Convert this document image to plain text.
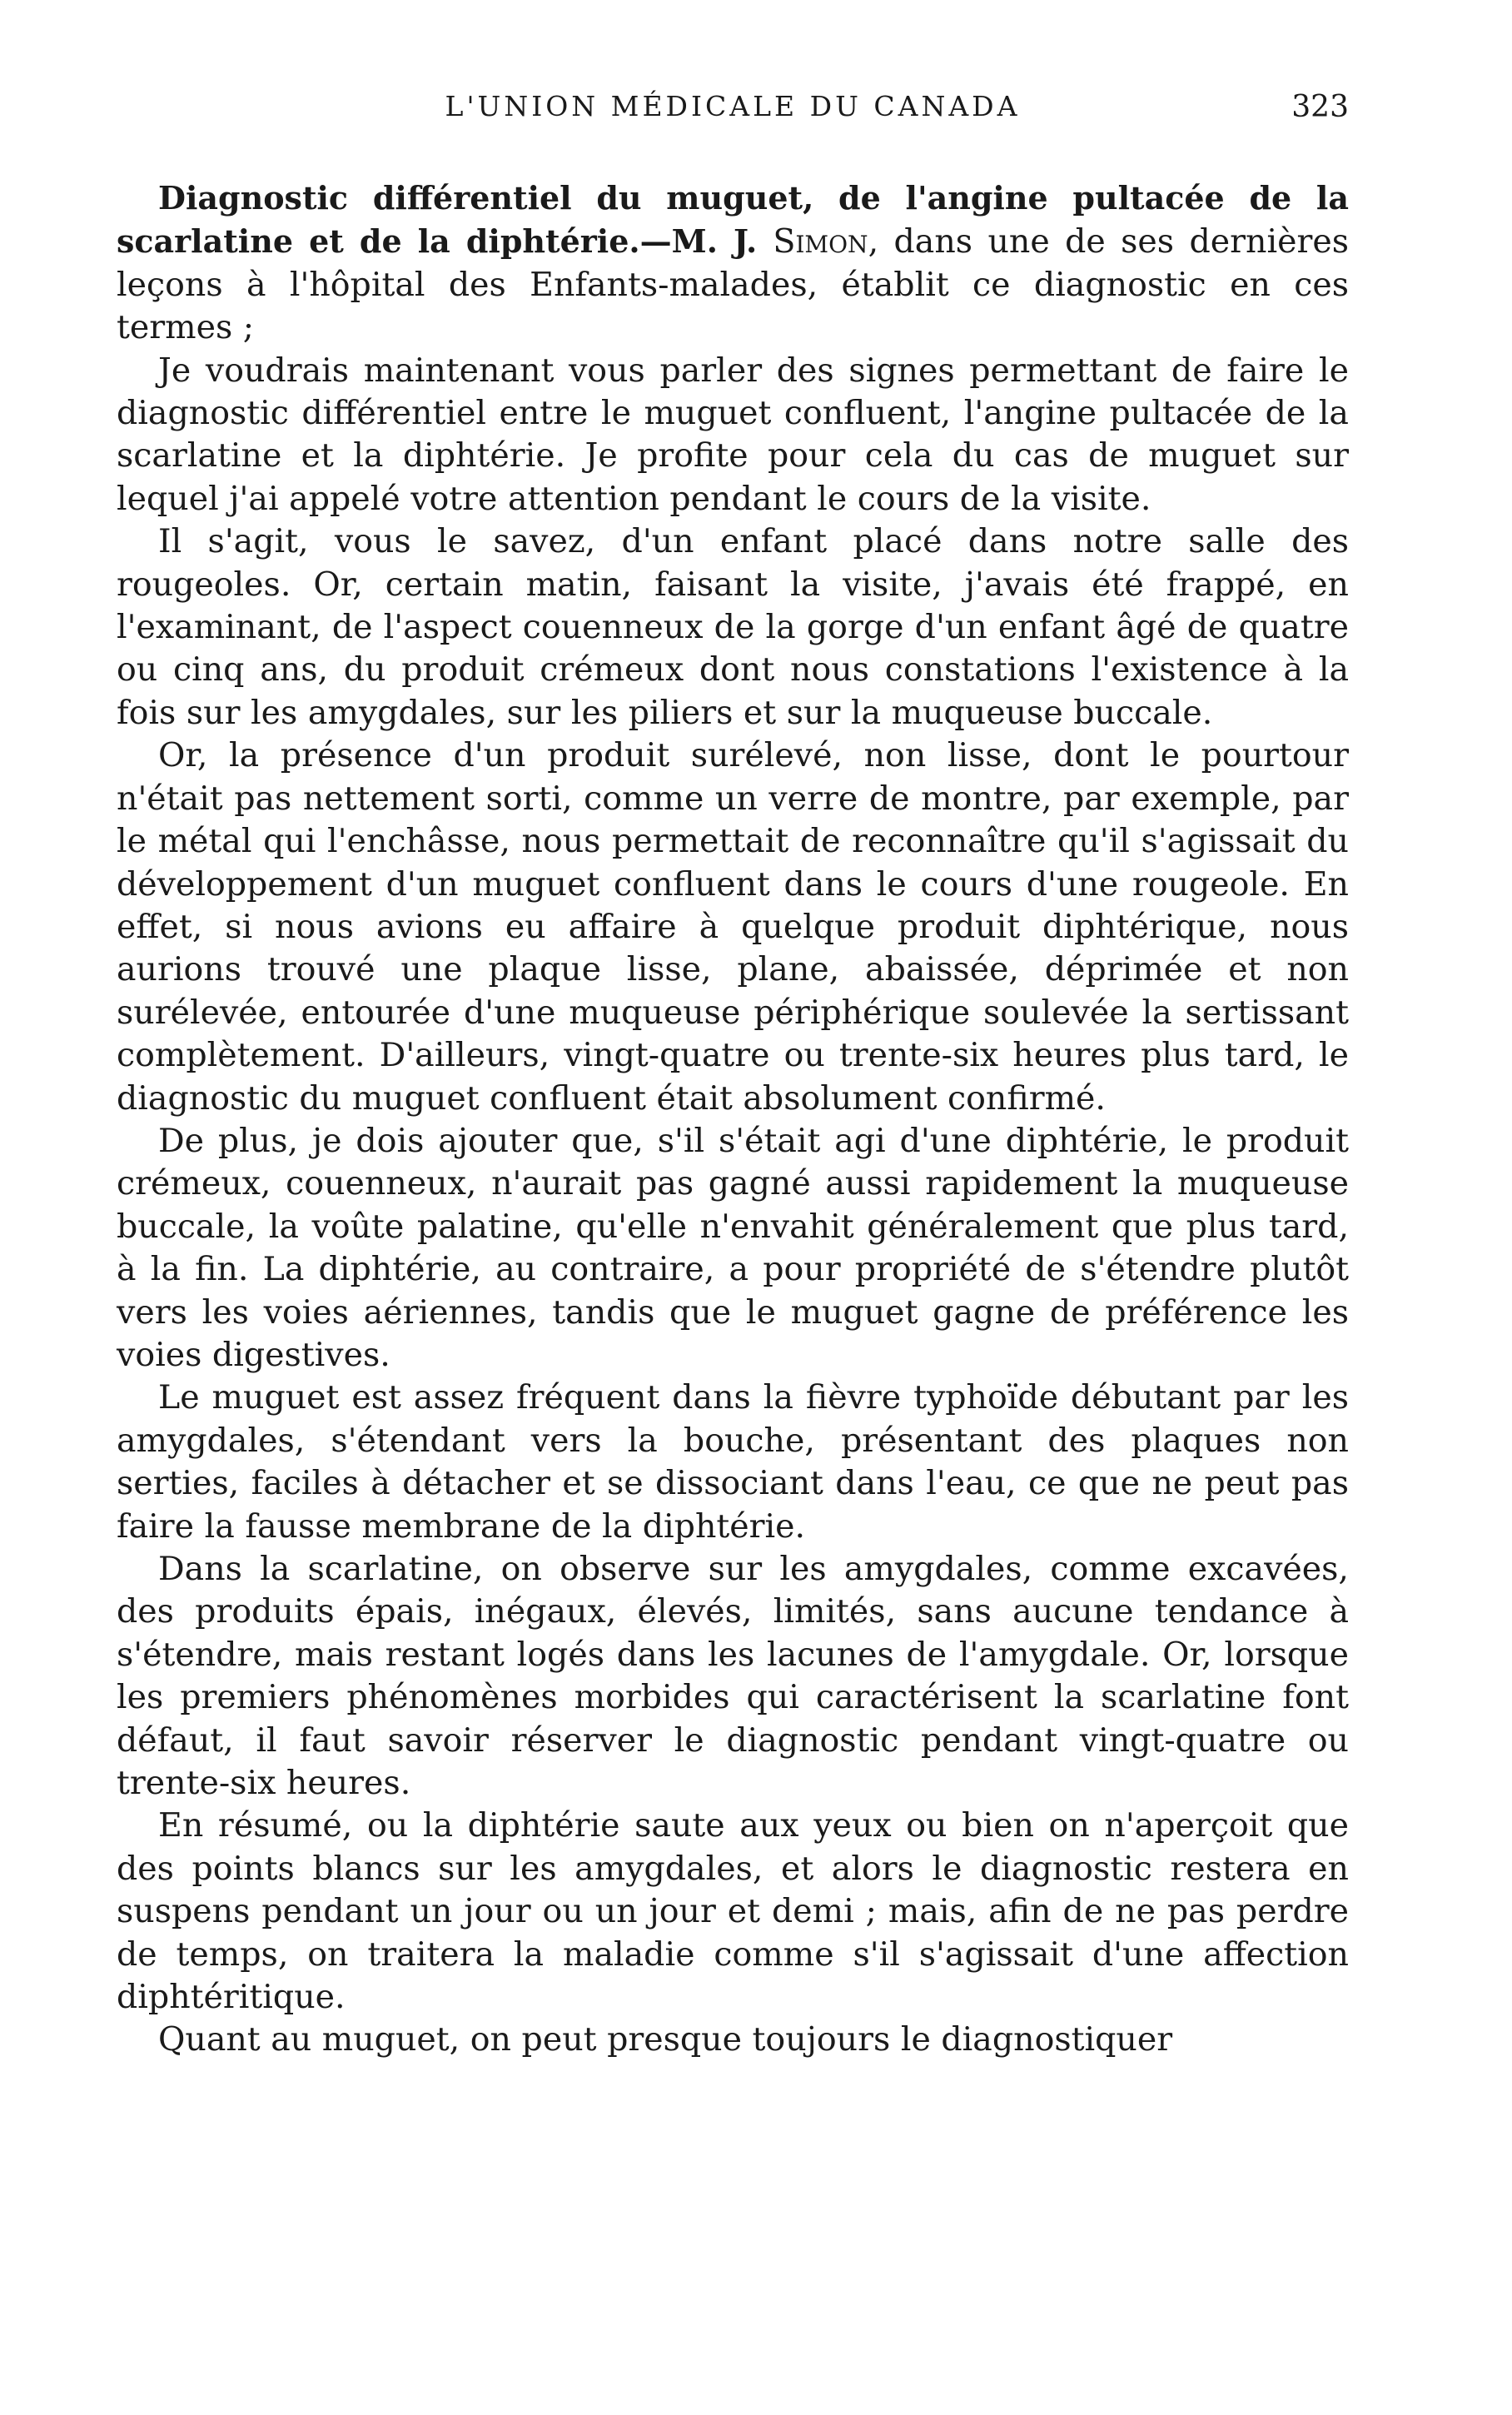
L'UNION MÉDICALE DU CANADA	323

Diagnostic différentiel du muguet, de l'angine pultacée de la scarlatine et de la diphtérie.—M. J. Simon, dans une de ses dernières leçons à l'hôpital des Enfants-malades, établit ce diagnostic en ces termes ;

Je voudrais maintenant vous parler des signes permettant de faire le diagnostic différentiel entre le muguet confluent, l'angine pultacée de la scarlatine et la diphtérie. Je profite pour cela du cas de muguet sur lequel j'ai appelé votre attention pendant le cours de la visite.

Il s'agit, vous le savez, d'un enfant placé dans notre salle des rougeoles. Or, certain matin, faisant la visite, j'avais été frappé, en l'examinant, de l'aspect couenneux de la gorge d'un enfant âgé de quatre ou cinq ans, du produit crémeux dont nous constations l'existence à la fois sur les amygdales, sur les piliers et sur la muqueuse buccale.

Or, la présence d'un produit surélevé, non lisse, dont le pourtour n'était pas nettement sorti, comme un verre de montre, par exemple, par le métal qui l'enchâsse, nous permettait de reconnaître qu'il s'agissait du développement d'un muguet confluent dans le cours d'une rougeole. En effet, si nous avions eu affaire à quelque produit diphtérique, nous aurions trouvé une plaque lisse, plane, abaissée, déprimée et non surélevée, entourée d'une muqueuse périphérique soulevée la sertissant complètement. D'ailleurs, vingt-quatre ou trente-six heures plus tard, le diagnostic du muguet confluent était absolument confirmé.

De plus, je dois ajouter que, s'il s'était agi d'une diphtérie, le produit crémeux, couenneux, n'aurait pas gagné aussi rapidement la muqueuse buccale, la voûte palatine, qu'elle n'envahit généralement que plus tard, à la fin. La diphtérie, au contraire, a pour propriété de s'étendre plutôt vers les voies aériennes, tandis que le muguet gagne de préférence les voies digestives.

Le muguet est assez fréquent dans la fièvre typhoïde débutant par les amygdales, s'étendant vers la bouche, présentant des plaques non serties, faciles à détacher et se dissociant dans l'eau, ce que ne peut pas faire la fausse membrane de la diphtérie.

Dans la scarlatine, on observe sur les amygdales, comme excavées, des produits épais, inégaux, élevés, limités, sans aucune tendance à s'étendre, mais restant logés dans les lacunes de l'amygdale. Or, lorsque les premiers phénomènes morbides qui caractérisent la scarlatine font défaut, il faut savoir réserver le diagnostic pendant vingt-quatre ou trente-six heures.

En résumé, ou la diphtérie saute aux yeux ou bien on n'aperçoit que des points blancs sur les amygdales, et alors le diagnostic restera en suspens pendant un jour ou un jour et demi ; mais, afin de ne pas perdre de temps, on traitera la maladie comme s'il s'agissait d'une affection diphtéritique.

Quant au muguet, on peut presque toujours le diagnostiquer
